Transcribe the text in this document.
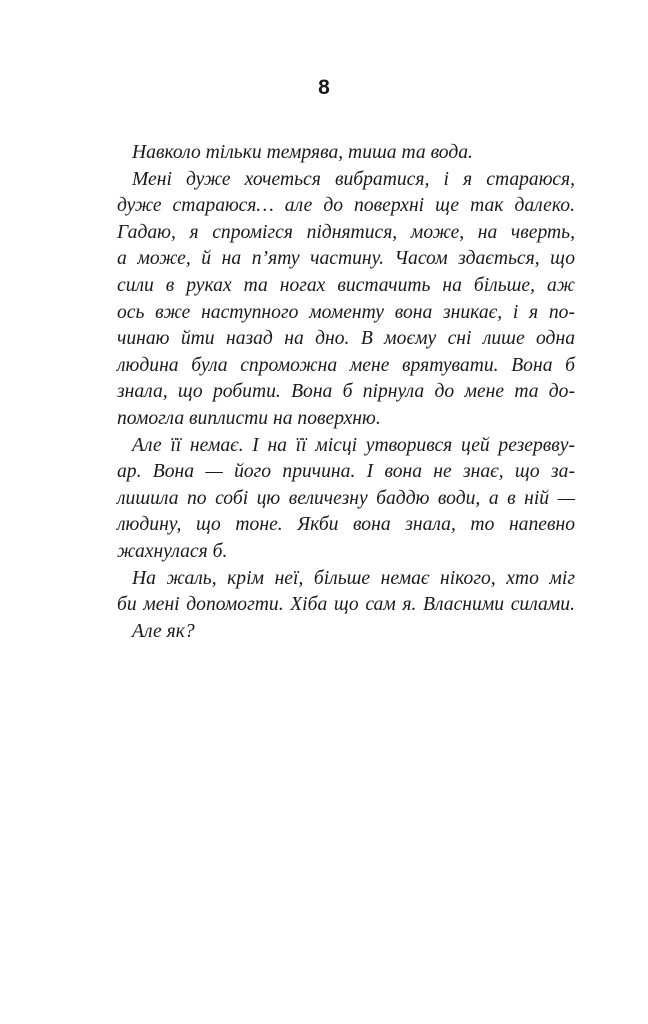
8
Навколо тільки темрява, тиша та вода.
Мені дуже хочеться вибратися, і я стараюся,
дуже стараюся… але до поверхні ще так далеко.
Гадаю, я спромігся піднятися, може, на чверть,
а може, й на п’яту частину. Часом здається, що
сили в руках та ногах вистачить на більше, аж
ось вже наступного моменту вона зникає, і я по-
чинаю йти назад на дно. В моєму сні лише одна
людина була спроможна мене врятувати. Вона б
знала, що робити. Вона б пірнула до мене та до-
помогла виплисти на поверхню.
Але її немає. І на її місці утворився цей резервву-
ар. Вона — його причина. І вона не знає, що за-
лишила по собі цю величезну баддю води, а в ній —
людину, що тоне. Якби вона знала, то напевно
жахнулася б.
На жаль, крім неї, більше немає нікого, хто міг
би мені допомогти. Хіба що сам я. Власними силами.
Але як?
